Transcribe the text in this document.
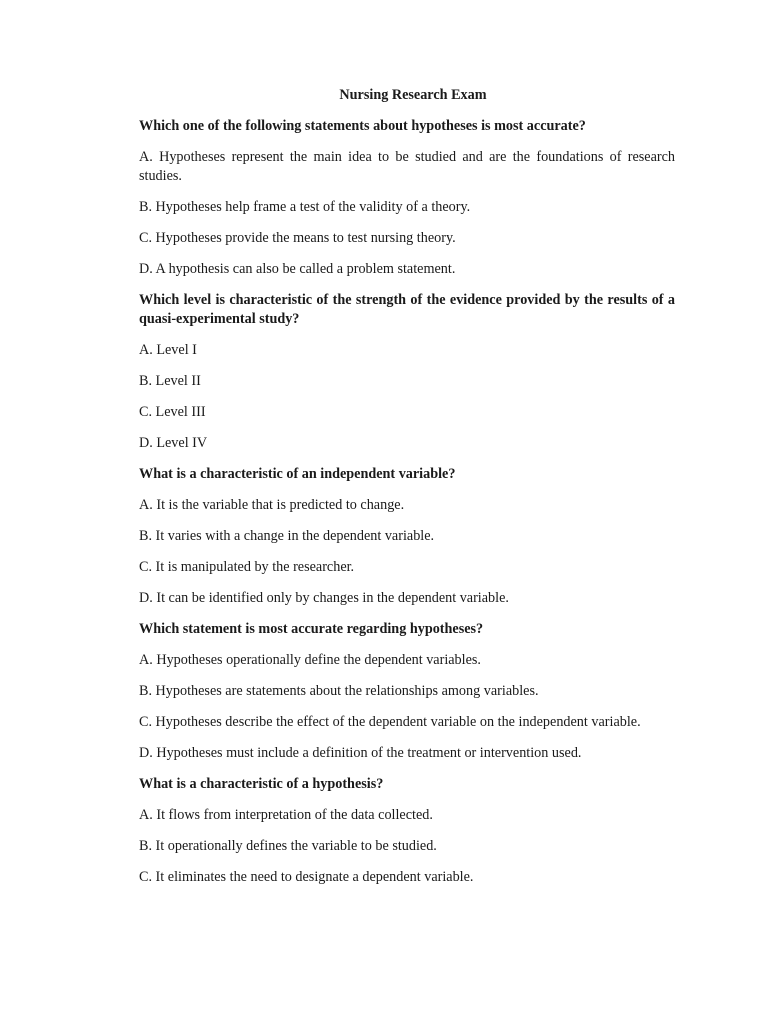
Nursing Research Exam

Which one of the following statements about hypotheses is most accurate?

A. Hypotheses represent the main idea to be studied and are the foundations of research studies.

B. Hypotheses help frame a test of the validity of a theory.

C. Hypotheses provide the means to test nursing theory.

D. A hypothesis can also be called a problem statement.

Which level is characteristic of the strength of the evidence provided by the results of a quasi-experimental study?

A. Level I

B. Level II

C. Level III

D. Level IV

What is a characteristic of an independent variable?

A. It is the variable that is predicted to change.

B. It varies with a change in the dependent variable.

C. It is manipulated by the researcher.

D. It can be identified only by changes in the dependent variable.

Which statement is most accurate regarding hypotheses?

A. Hypotheses operationally define the dependent variables.

B. Hypotheses are statements about the relationships among variables.

C. Hypotheses describe the effect of the dependent variable on the independent variable.

D. Hypotheses must include a definition of the treatment or intervention used.

What is a characteristic of a hypothesis?

A. It flows from interpretation of the data collected.

B. It operationally defines the variable to be studied.

C. It eliminates the need to designate a dependent variable.
